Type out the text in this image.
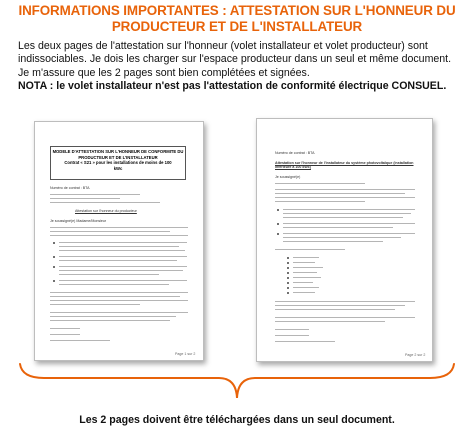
INFORMATIONS IMPORTANTES : ATTESTATION SUR L'HONNEUR DU
PRODUCTEUR ET DE L'INSTALLATEUR

Les deux pages de l'attestation sur l'honneur (volet installateur et volet producteur) sont

indissociables. Je dois les charger sur l'espace producteur dans un seul et même document.

Je m'assure que les 2 pages sont bien complétées et signées.

NOTA : le volet installateur n'est pas l'attestation de conformité électrique CONSUEL.

MODELE D'ATTESTATION SUR L'HONNEUR DE CONFORMITE DU
PRODUCTEUR ET DE L'INSTALLATEUR
Contrat « S21 » pour les installations de moins de 100
kWc
Numéro de contrat : BTA
Attestation sur l'honneur du producteur
Je soussigné(e) Madame/Monsieur
Page 1 sur 2
Numéro de contrat : BTA
Attestation sur l'honneur de l'installateur du système photovoltaïque (installation inférieure à 100 kWc)
Je soussigné(e)
Page 2 sur 2
Les 2 pages doivent être téléchargées dans un seul document.
